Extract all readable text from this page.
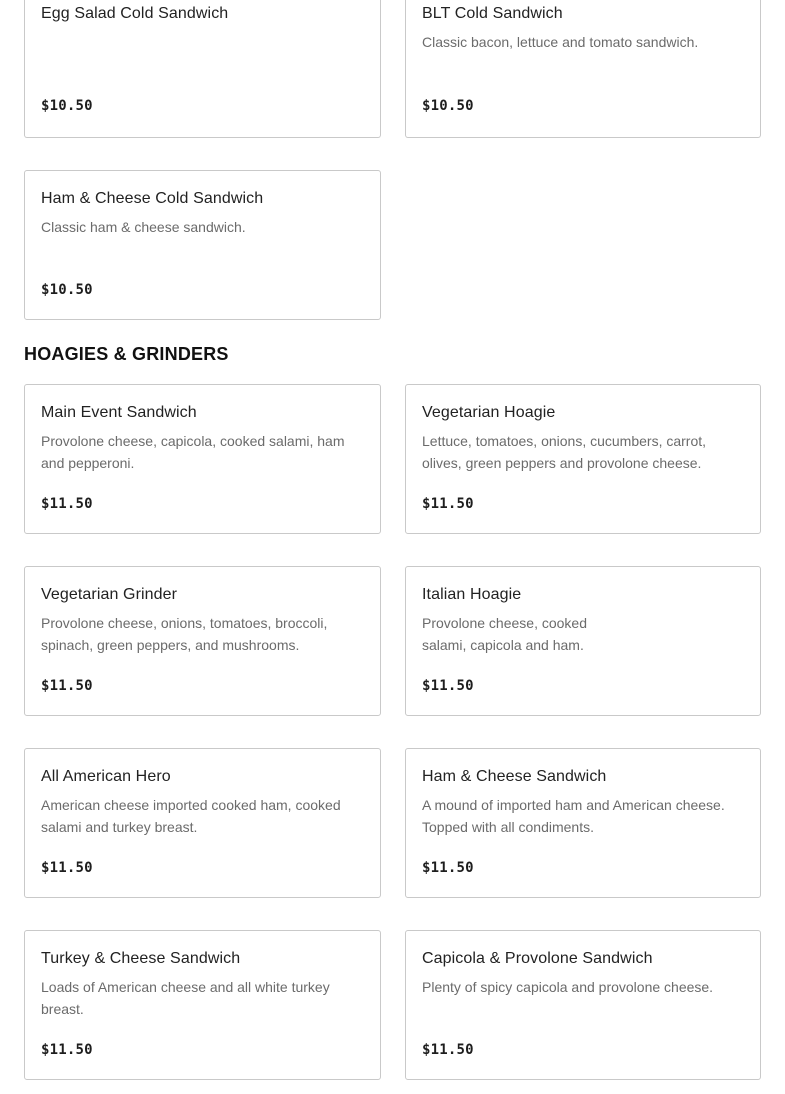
Egg Salad Cold Sandwich
$10.50
BLT Cold Sandwich
Classic bacon, lettuce and tomato sandwich.
$10.50
Ham & Cheese Cold Sandwich
Classic ham & cheese sandwich.
$10.50
HOAGIES & GRINDERS
Main Event Sandwich
Provolone cheese, capicola, cooked salami, ham and pepperoni.
$11.50
Vegetarian Hoagie
Lettuce, tomatoes, onions, cucumbers, carrot, olives, green peppers and provolone cheese.
$11.50
Vegetarian Grinder
Provolone cheese, onions, tomatoes, broccoli, spinach, green peppers, and mushrooms.
$11.50
Italian Hoagie
Provolone cheese, cooked salami, capicola and ham.
$11.50
All American Hero
American cheese imported cooked ham, cooked salami and turkey breast.
$11.50
Ham & Cheese Sandwich
A mound of imported ham and American cheese. Topped with all condiments.
$11.50
Turkey & Cheese Sandwich
Loads of American cheese and all white turkey breast.
$11.50
Capicola & Provolone Sandwich
Plenty of spicy capicola and provolone cheese.
$11.50
